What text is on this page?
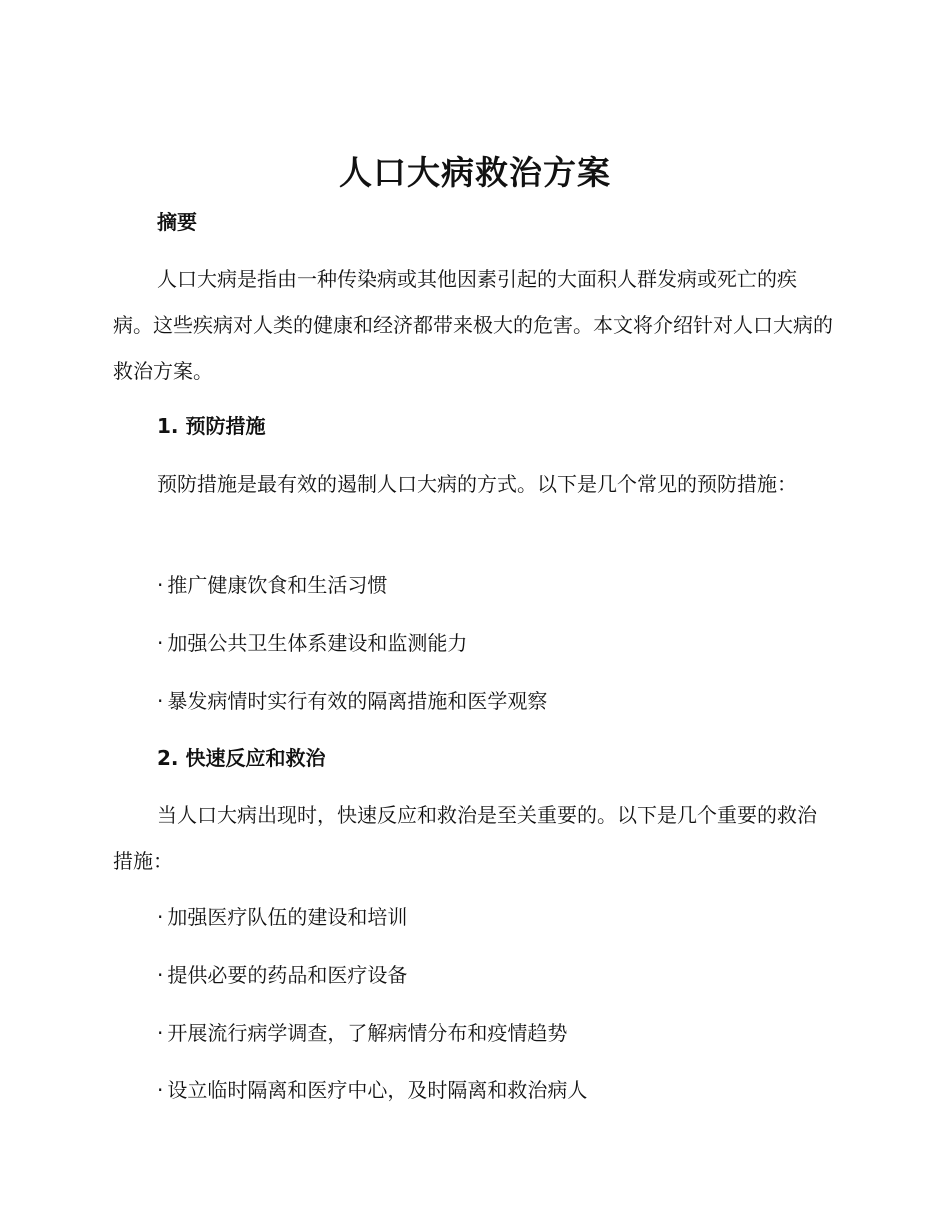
人口大病救治方案
摘要
人口大病是指由一种传染病或其他因素引起的大面积人群发病或死亡的疾病。这些疾病对人类的健康和经济都带来极大的危害。本文将介绍针对人口大病的救治方案。
1. 预防措施
预防措施是最有效的遏制人口大病的方式。以下是几个常见的预防措施：
· 推广健康饮食和生活习惯
· 加强公共卫生体系建设和监测能力
· 暴发病情时实行有效的隔离措施和医学观察
2. 快速反应和救治
当人口大病出现时，快速反应和救治是至关重要的。以下是几个重要的救治措施：
· 加强医疗队伍的建设和培训
· 提供必要的药品和医疗设备
· 开展流行病学调查，了解病情分布和疫情趋势
· 设立临时隔离和医疗中心，及时隔离和救治病人
